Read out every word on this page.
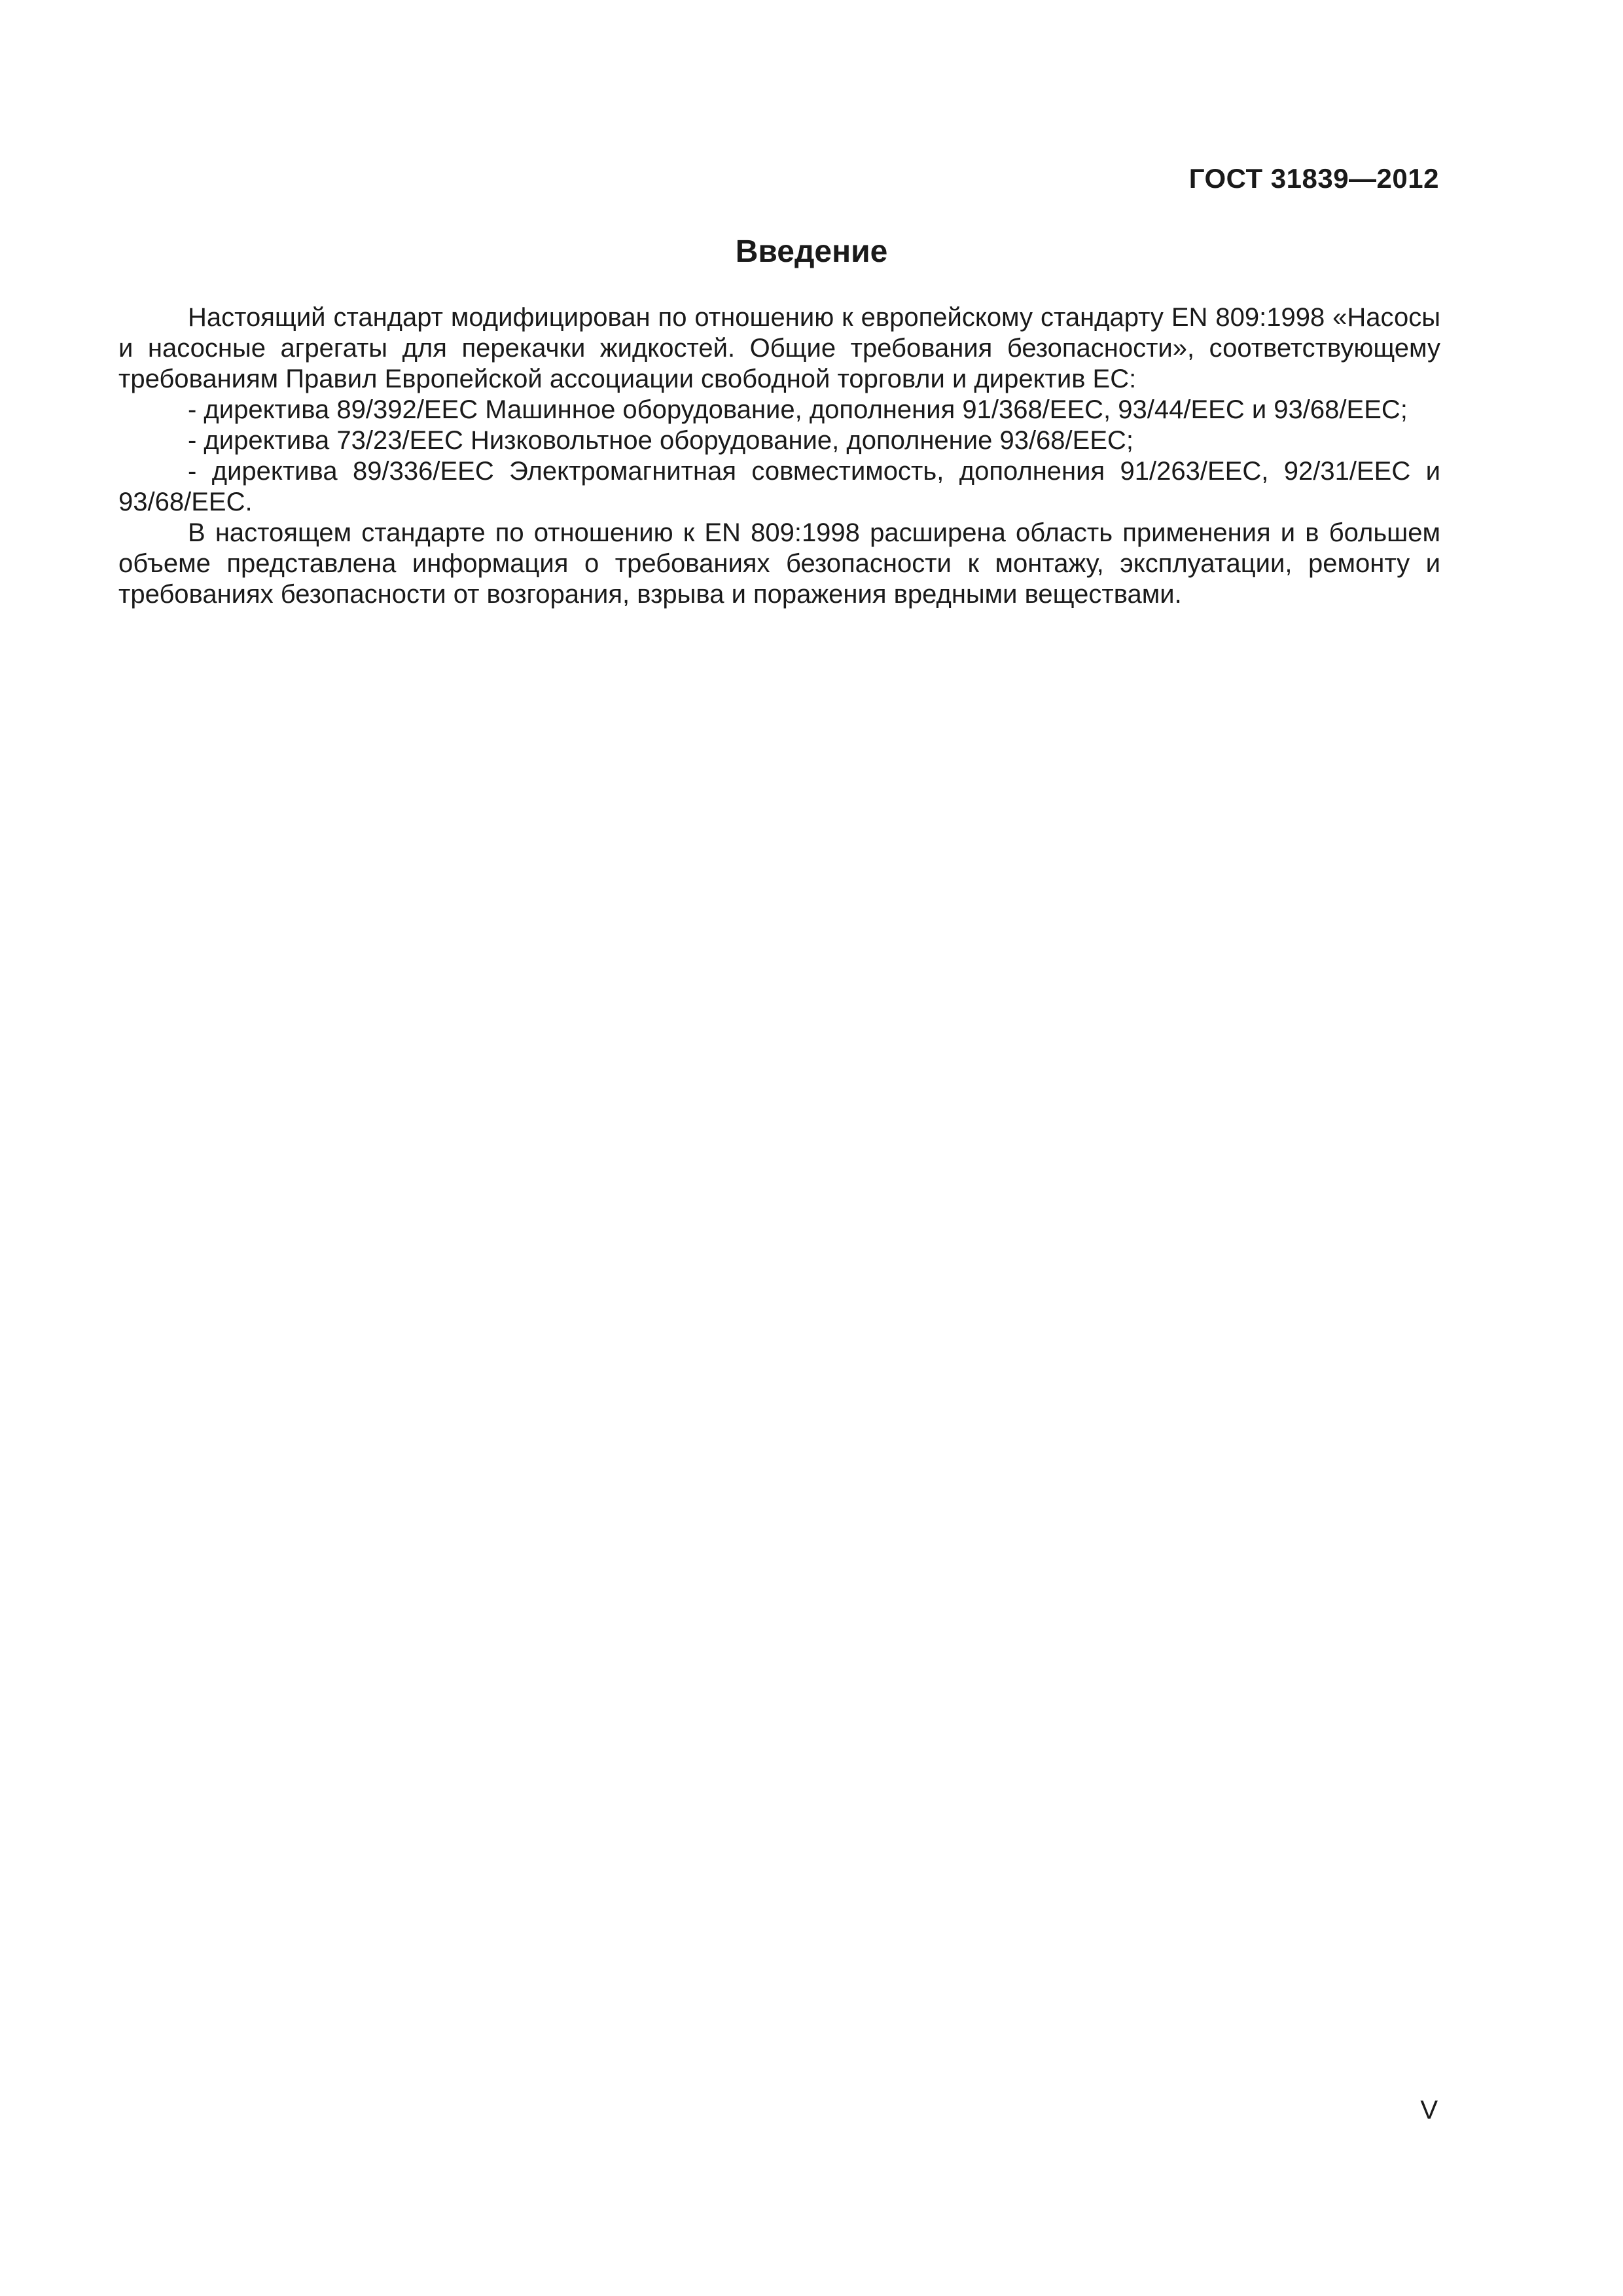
ГОСТ 31839—2012
Введение

Настоящий стандарт модифицирован по отношению к европейскому стандарту EN 809:1998 «Насосы и насосные агрегаты для перекачки жидкостей. Общие требования безопасности», соответствующему требованиям Правил Европейской ассоциации свободной торговли и директив ЕС:

- директива 89/392/ЕЕС Машинное оборудование, дополнения 91/368/EEC, 93/44/EEC и 93/68/EEC;

- директива 73/23/ЕЕС Низковольтное оборудование, дополнение 93/68/ЕЕС;

- директива 89/336/ЕЕС Электромагнитная совместимость, дополнения 91/263/ЕЕС, 92/31/ЕЕС и 93/68/ЕЕС.

В настоящем стандарте по отношению к EN 809:1998 расширена область применения и в большем объеме представлена информация о требованиях безопасности к монтажу, эксплуатации, ремонту и требованиях безопасности от возгорания, взрыва и поражения вредными веществами.

V
